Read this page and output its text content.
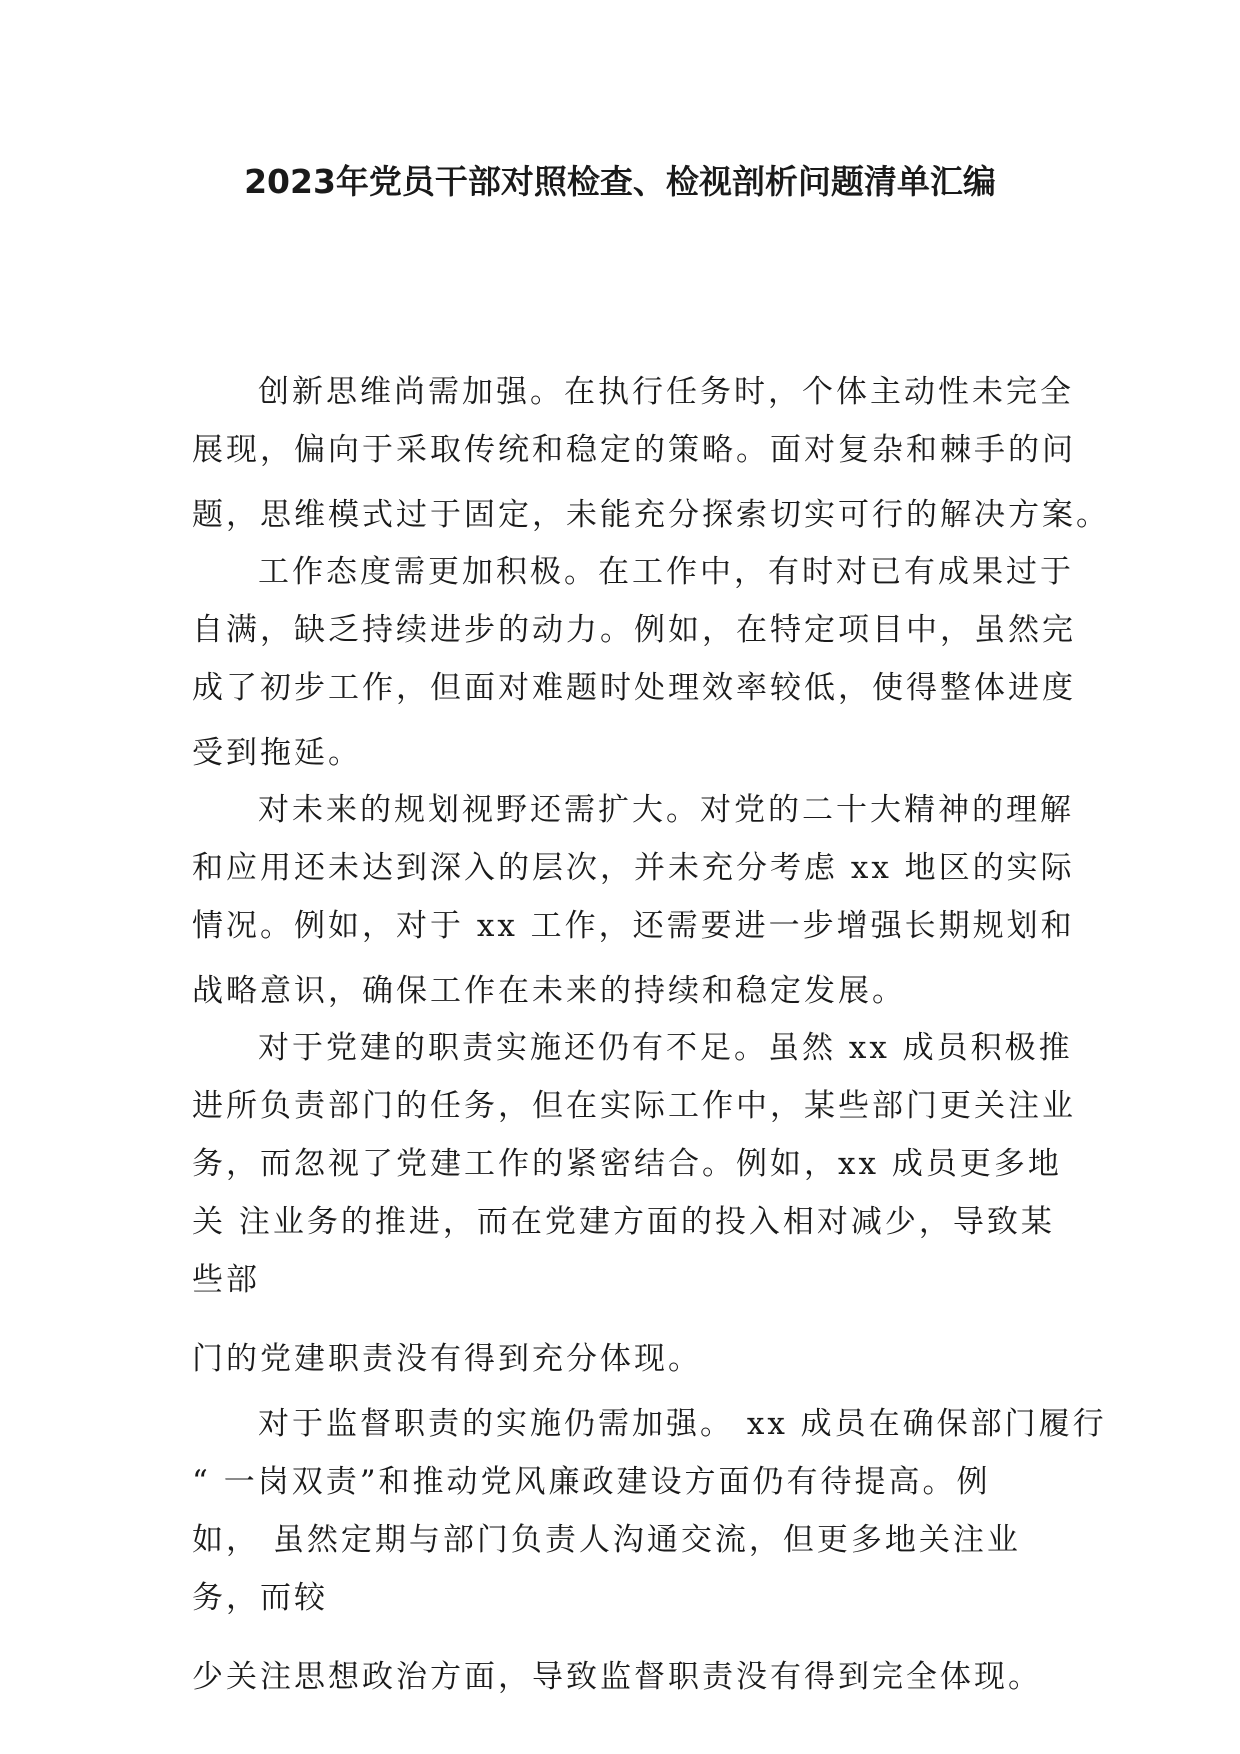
2023年党员干部对照检查、检视剖析问题清单汇编
创新思维尚需加强。在执行任务时，个体主动性未完全
展现，偏向于采取传统和稳定的策略。面对复杂和棘手的问
题，思维模式过于固定，未能充分探索切实可行的解决方案。
工作态度需更加积极。在工作中，有时对已有成果过于
自满，缺乏持续进步的动力。例如，在特定项目中，虽然完
成了初步工作，但面对难题时处理效率较低，使得整体进度
受到拖延。
对未来的规划视野还需扩大。对党的二十大精神的理解
和应用还未达到深入的层次，并未充分考虑 xx 地区的实际
情况。例如，对于 xx 工作，还需要进一步增强长期规划和
战略意识，确保工作在未来的持续和稳定发展。
对于党建的职责实施还仍有不足。虽然 xx 成员积极推
进所负责部门的任务，但在实际工作中，某些部门更关注业
务，而忽视了党建工作的紧密结合。例如，xx 成员更多地
关 注业务的推进，而在党建方面的投入相对减少，导致某
些部
门的党建职责没有得到充分体现。
对于监督职责的实施仍需加强。 xx 成员在确保部门履行
“ 一岗双责”和推动党风廉政建设方面仍有待提高。例
如， 虽然定期与部门负责人沟通交流，但更多地关注业
务，而较
少关注思想政治方面，导致监督职责没有得到完全体现。
